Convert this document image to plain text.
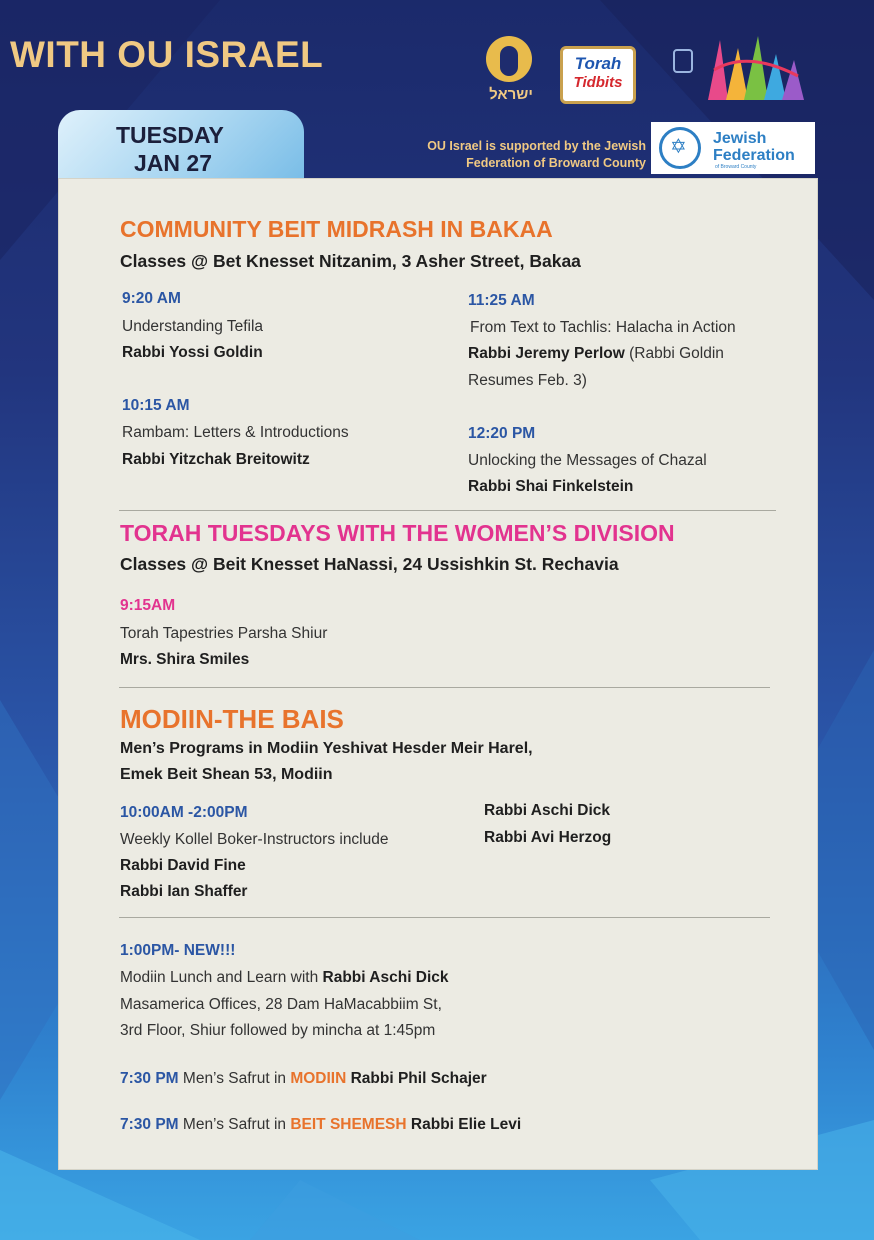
WITH OU ISRAEL
ישראל
Torah
Tidbits
TUESDAY
JAN 27
OU Israel is supported by the Jewish
Federation of Broward County
✡
Jewish
Federation
of Broward County
COMMUNITY BEIT MIDRASH IN BAKAA
Classes @ Bet Knesset Nitzanim, 3 Asher Street, Bakaa
9:20 AM
Understanding Tefila
Rabbi Yossi Goldin
10:15 AM
Rambam: Letters & Introductions
Rabbi Yitzchak Breitowitz
11:25 AM
From Text to Tachlis: Halacha in Action
Rabbi Jeremy Perlow (Rabbi Goldin
Resumes Feb. 3)
12:20 PM
Unlocking the Messages of Chazal
Rabbi Shai Finkelstein
TORAH TUESDAYS WITH THE WOMEN’S DIVISION
Classes @ Beit Knesset HaNassi, 24 Ussishkin St. Rechavia
9:15AM
Torah Tapestries Parsha Shiur
Mrs. Shira Smiles
MODIIN-THE BAIS
Men’s Programs in Modiin Yeshivat Hesder Meir Harel,
Emek Beit Shean 53, Modiin
10:00AM -2:00PM
Weekly Kollel Boker-Instructors include
Rabbi David Fine
Rabbi Ian Shaffer
Rabbi Aschi Dick
Rabbi Avi Herzog
1:00PM- NEW!!!
Modiin Lunch and Learn with Rabbi Aschi Dick
Masamerica Offices, 28 Dam HaMacabbiim St,
3rd Floor, Shiur followed by mincha at 1:45pm
7:30 PM Men’s Safrut in MODIIN Rabbi Phil Schajer
7:30 PM Men’s Safrut in BEIT SHEMESH Rabbi Elie Levi
